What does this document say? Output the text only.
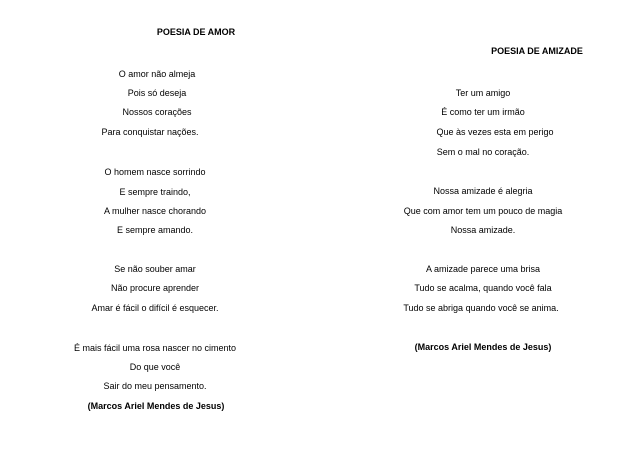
POESIA DE AMOR
O amor não almeja
Pois só deseja
Nossos corações
Para conquistar nações.
O homem nasce sorrindo
E sempre traindo,
A mulher nasce chorando
E sempre amando.
Se não souber amar
Não procure aprender
Amar é fácil o difícil é esquecer.
É mais fácil uma rosa nascer no cimento
Do que você
Sair do meu pensamento.
(Marcos Ariel Mendes de Jesus)
POESIA DE AMIZADE
Ter um amigo
É como ter um irmão
Que às vezes esta em perigo
Sem o mal no coração.
Nossa amizade é alegria
Que com amor tem um pouco de magia
Nossa amizade.
A amizade parece uma brisa
Tudo se acalma, quando você fala
Tudo se abriga quando você se anima.
(Marcos Ariel Mendes de Jesus)
